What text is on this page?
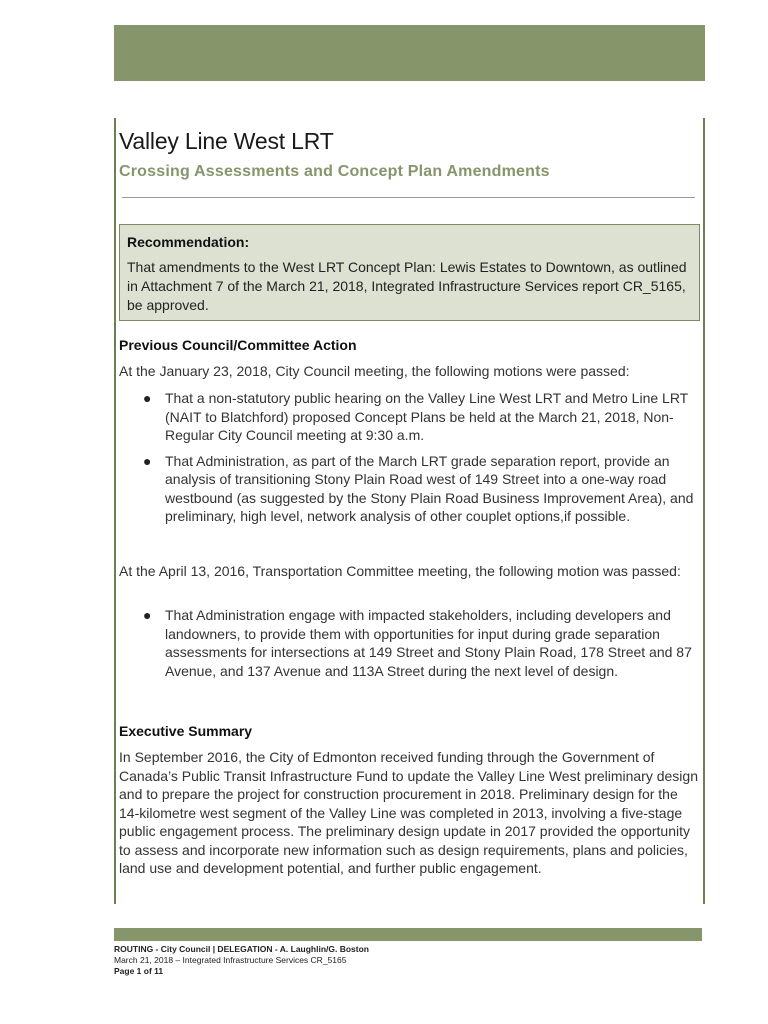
Valley Line West LRT
Crossing Assessments and Concept Plan Amendments
Recommendation:
That amendments to the West LRT Concept Plan: Lewis Estates to Downtown, as outlined in Attachment 7 of the March 21, 2018, Integrated Infrastructure Services report CR_5165, be approved.
Previous Council/Committee Action

At the January 23, 2018, City Council meeting, the following motions were passed:

● That a non-statutory public hearing on the Valley Line West LRT and Metro Line LRT (NAIT to Blatchford) proposed Concept Plans be held at the March 21, 2018, Non-Regular City Council meeting at 9:30 a.m.
● That Administration, as part of the March LRT grade separation report, provide an analysis of transitioning Stony Plain Road west of 149 Street into a one-way road westbound (as suggested by the Stony Plain Road Business Improvement Area), and preliminary, high level, network analysis of other couplet options,if possible.

At the April 13, 2016, Transportation Committee meeting, the following motion was passed:

● That Administration engage with impacted stakeholders, including developers and landowners, to provide them with opportunities for input during grade separation assessments for intersections at 149 Street and Stony Plain Road, 178 Street and 87 Avenue, and 137 Avenue and 113A Street during the next level of design.
Executive Summary

In September 2016, the City of Edmonton received funding through the Government of Canada’s Public Transit Infrastructure Fund to update the Valley Line West preliminary design and to prepare the project for construction procurement in 2018. Preliminary design for the 14-kilometre west segment of the Valley Line was completed in 2013, involving a five-stage public engagement process. The preliminary design update in 2017 provided the opportunity to assess and incorporate new information such as design requirements, plans and policies, land use and development potential, and further public engagement.

ROUTING - City Council | DELEGATION - A. Laughlin/G. Boston
March 21, 2018 – Integrated Infrastructure Services CR_5165
Page 1 of 11
